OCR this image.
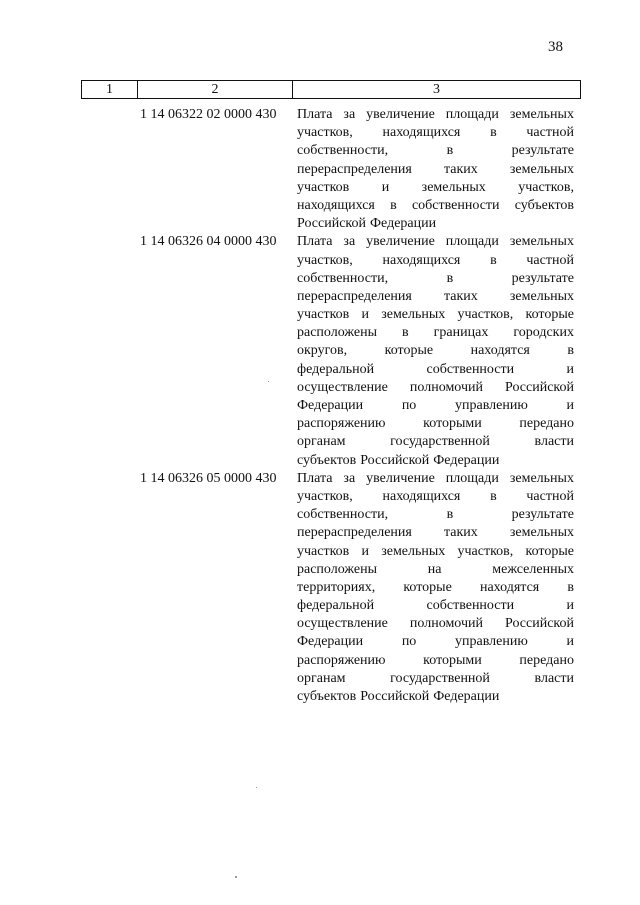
38
1	2	3
1 14 06322 02 0000 430 Плата за увеличение площади земельных
участков, находящихся в частной
собственности,	в	результате
перераспределения таких земельных
участков и земельных участков,
находящихся в собственности субъектов
Российской Федерации
1 14 06326 04 0000 430 Плата за увеличение площади земельных
участков, находящихся в частной
собственности,	в	результате
перераспределения таких земельных
участков и земельных участков, которые
расположены в границах городских
округов,	которые	находятся	в
федеральной	собственности	и
осуществление полномочий Российской
Федерации	по	управлению	и
распоряжению	которыми	передано
органам	государственной	власти
субъектов Российской Федерации
1 14 06326 05 0000 430 Плата за увеличение площади земельных
участков, находящихся в частной
собственности,	в	результате
перераспределения таких земельных
участков и земельных участков, которые
расположены	на	межселенных
территориях, которые находятся в
федеральной	собственности	и
осуществление полномочий Российской
Федерации	по	управлению	и
распоряжению	которыми	передано
органам	государственной	власти
субъектов Российской Федерации
